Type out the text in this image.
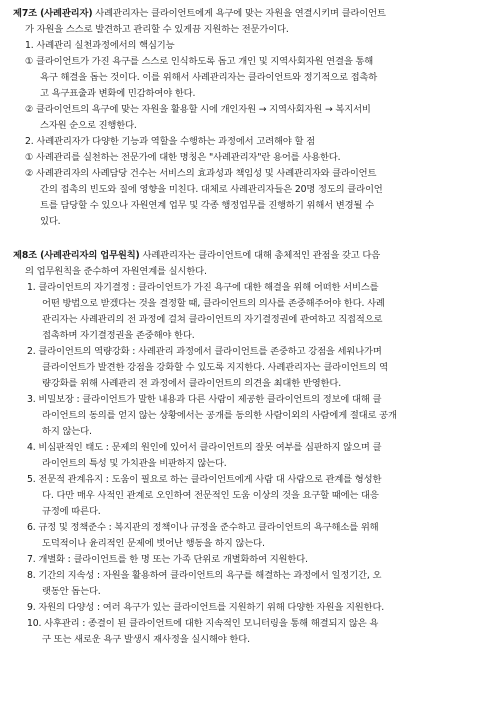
제7조 (사례관리자) 사례관리자는 클라이언트에게 욕구에 맞는 자원을 연결시키며 클라이언트
가 자원을 스스로 발견하고 관리할 수 있게끔 지원하는 전문가이다.
1. 사례관리 실천과정에서의 핵심기능
① 클라이언트가 가진 욕구를 스스로 인식하도록 돕고 개인 및 지역사회자원 연결을 통해
욕구 해결을 돕는 것이다. 이를 위해서 사례관리자는 클라이언트와 정기적으로 접촉하
고 욕구표출과 변화에 민감하여야 한다.
② 클라이언트의 욕구에 맞는 자원을 활용할 시에 개인자원 → 지역사회자원 → 복지서비
스자원 순으로 진행한다.
2. 사례관리자가 다양한 기능과 역할을 수행하는 과정에서 고려해야 할 점
① 사례관리를 실천하는 전문가에 대한 명칭은 "사례관리자"란 용어를 사용한다.
② 사례관리자의 사례담당 건수는 서비스의 효과성과 책임성 및 사례관리자와 클라이언트
간의 접촉의 빈도와 질에 영향을 미친다. 대체로 사례관리자들은 20명 정도의 클라이언
트를 담당할 수 있으나 자원연계 업무 및 각종 행정업무를 진행하기 위해서 변경될 수
있다.
제8조 (사례관리자의 업무원칙) 사례관리자는 클라이언트에 대해 총체적인 관점을 갖고 다음
의 업무원칙을 준수하여 자원연계를 실시한다.
1. 클라이언트의 자기결정 : 클라이언트가 가진 욕구에 대한 해결을 위해 어떠한 서비스를
어떤 방법으로 받겠다는 것을 결정할 때, 클라이언트의 의사를 존중해주어야 한다. 사례
관리자는 사례관리의 전 과정에 걸쳐 클라이언트의 자기결정권에 관여하고 직접적으로
접촉하며 자기결정권을 존중해야 한다.
2. 클라이언트의 역량강화 : 사례관리 과정에서 클라이언트를 존중하고 강점을 세워나가며
클라이언트가 발견한 강점을 강화할 수 있도록 지지한다. 사례관리자는 클라이언트의 역
량강화를 위해 사례관리 전 과정에서 클라이언트의 의견을 최대한 반영한다.
3. 비밀보장 : 클라이언트가 말한 내용과 다른 사람이 제공한 클라이언트의 정보에 대해 클
라이언트의 동의를 얻지 않는 상황에서는 공개를 동의한 사람이외의 사람에게 절대로 공개
하지 않는다.
4. 비심판적인 태도 : 문제의 원인에 있어서 클라이언트의 잘못 여부를 심판하지 않으며 클
라이언트의 특성 및 가치관을 비판하지 않는다.
5. 전문적 관계유지 : 도움이 필요로 하는 클라이언트에게 사람 대 사람으로 관계를 형성한
다. 다만 매우 사적인 관계로 오인하여 전문적인 도움 이상의 것을 요구할 때에는 대응
규정에 따른다.
6. 규정 및 정책준수 : 복지관의 정책이나 규정을 준수하고 클라이언트의 욕구해소를 위해
도덕적이나 윤리적인 문제에 벗어난 행동을 하지 않는다.
7. 개별화 : 클라이언트를 한 명 또는 가족 단위로 개별화하여 지원한다.
8. 기간의 지속성 : 자원을 활용하여 클라이언트의 욕구를 해결하는 과정에서 일정기간, 오
랫동안 돕는다.
9. 자원의 다양성 : 여러 욕구가 있는 클라이언트를 지원하기 위해 다양한 자원을 지원한다.
10. 사후관리 : 종결이 된 클라이언트에 대한 지속적인 모니터링을 통해 해결되지 않은 욕
구 또는 새로운 욕구 발생시 재사정을 실시해야 한다.
